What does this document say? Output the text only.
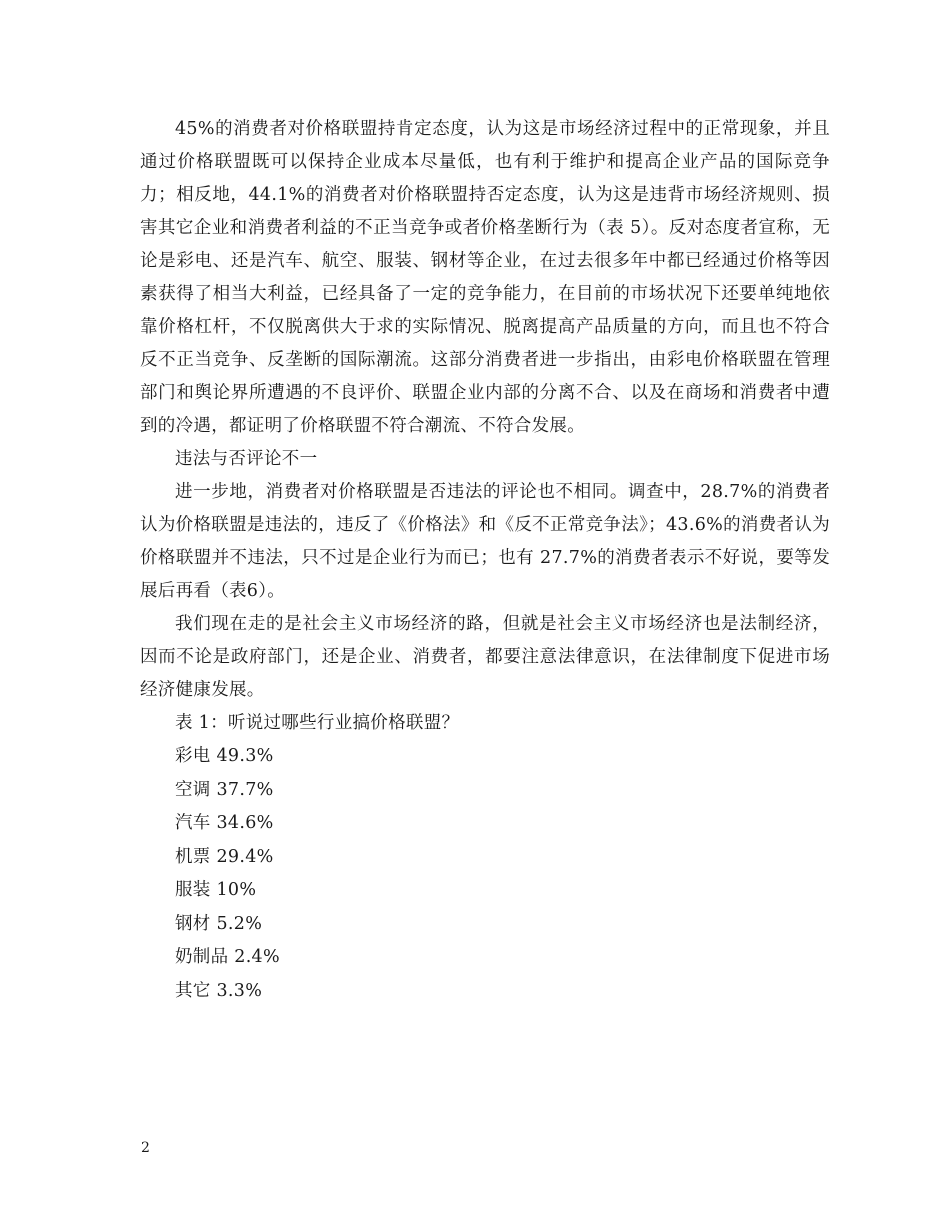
45%的消费者对价格联盟持肯定态度，认为这是市场经济过程中的正常现象，并且通过价格联盟既可以保持企业成本尽量低，也有利于维护和提高企业产品的国际竞争力；相反地，44.1%的消费者对价格联盟持否定态度，认为这是违背市场经济规则、损害其它企业和消费者利益的不正当竞争或者价格垄断行为（表 5）。反对态度者宣称，无论是彩电、还是汽车、航空、服装、钢材等企业，在过去很多年中都已经通过价格等因素获得了相当大利益，已经具备了一定的竞争能力，在目前的市场状况下还要单纯地依靠价格杠杆，不仅脱离供大于求的实际情况、脱离提高产品质量的方向，而且也不符合反不正当竞争、反垄断的国际潮流。这部分消费者进一步指出，由彩电价格联盟在管理部门和舆论界所遭遇的不良评价、联盟企业内部的分离不合、以及在商场和消费者中遭到的冷遇，都证明了价格联盟不符合潮流、不符合发展。

违法与否评论不一

进一步地，消费者对价格联盟是否违法的评论也不相同。调查中，28.7%的消费者认为价格联盟是违法的，违反了《价格法》和《反不正常竞争法》；43.6%的消费者认为价格联盟并不违法，只不过是企业行为而已；也有 27.7%的消费者表示不好说，要等发展后再看（表6）。

我们现在走的是社会主义市场经济的路，但就是社会主义市场经济也是法制经济，因而不论是政府部门，还是企业、消费者，都要注意法律意识，在法律制度下促进市场经济健康发展。

表 1：听说过哪些行业搞价格联盟？

彩电 49.3%
空调 37.7%
汽车 34.6%
机票 29.4%
服装 10%
钢材 5.2%
奶制品 2.4%
其它 3.3%
2
